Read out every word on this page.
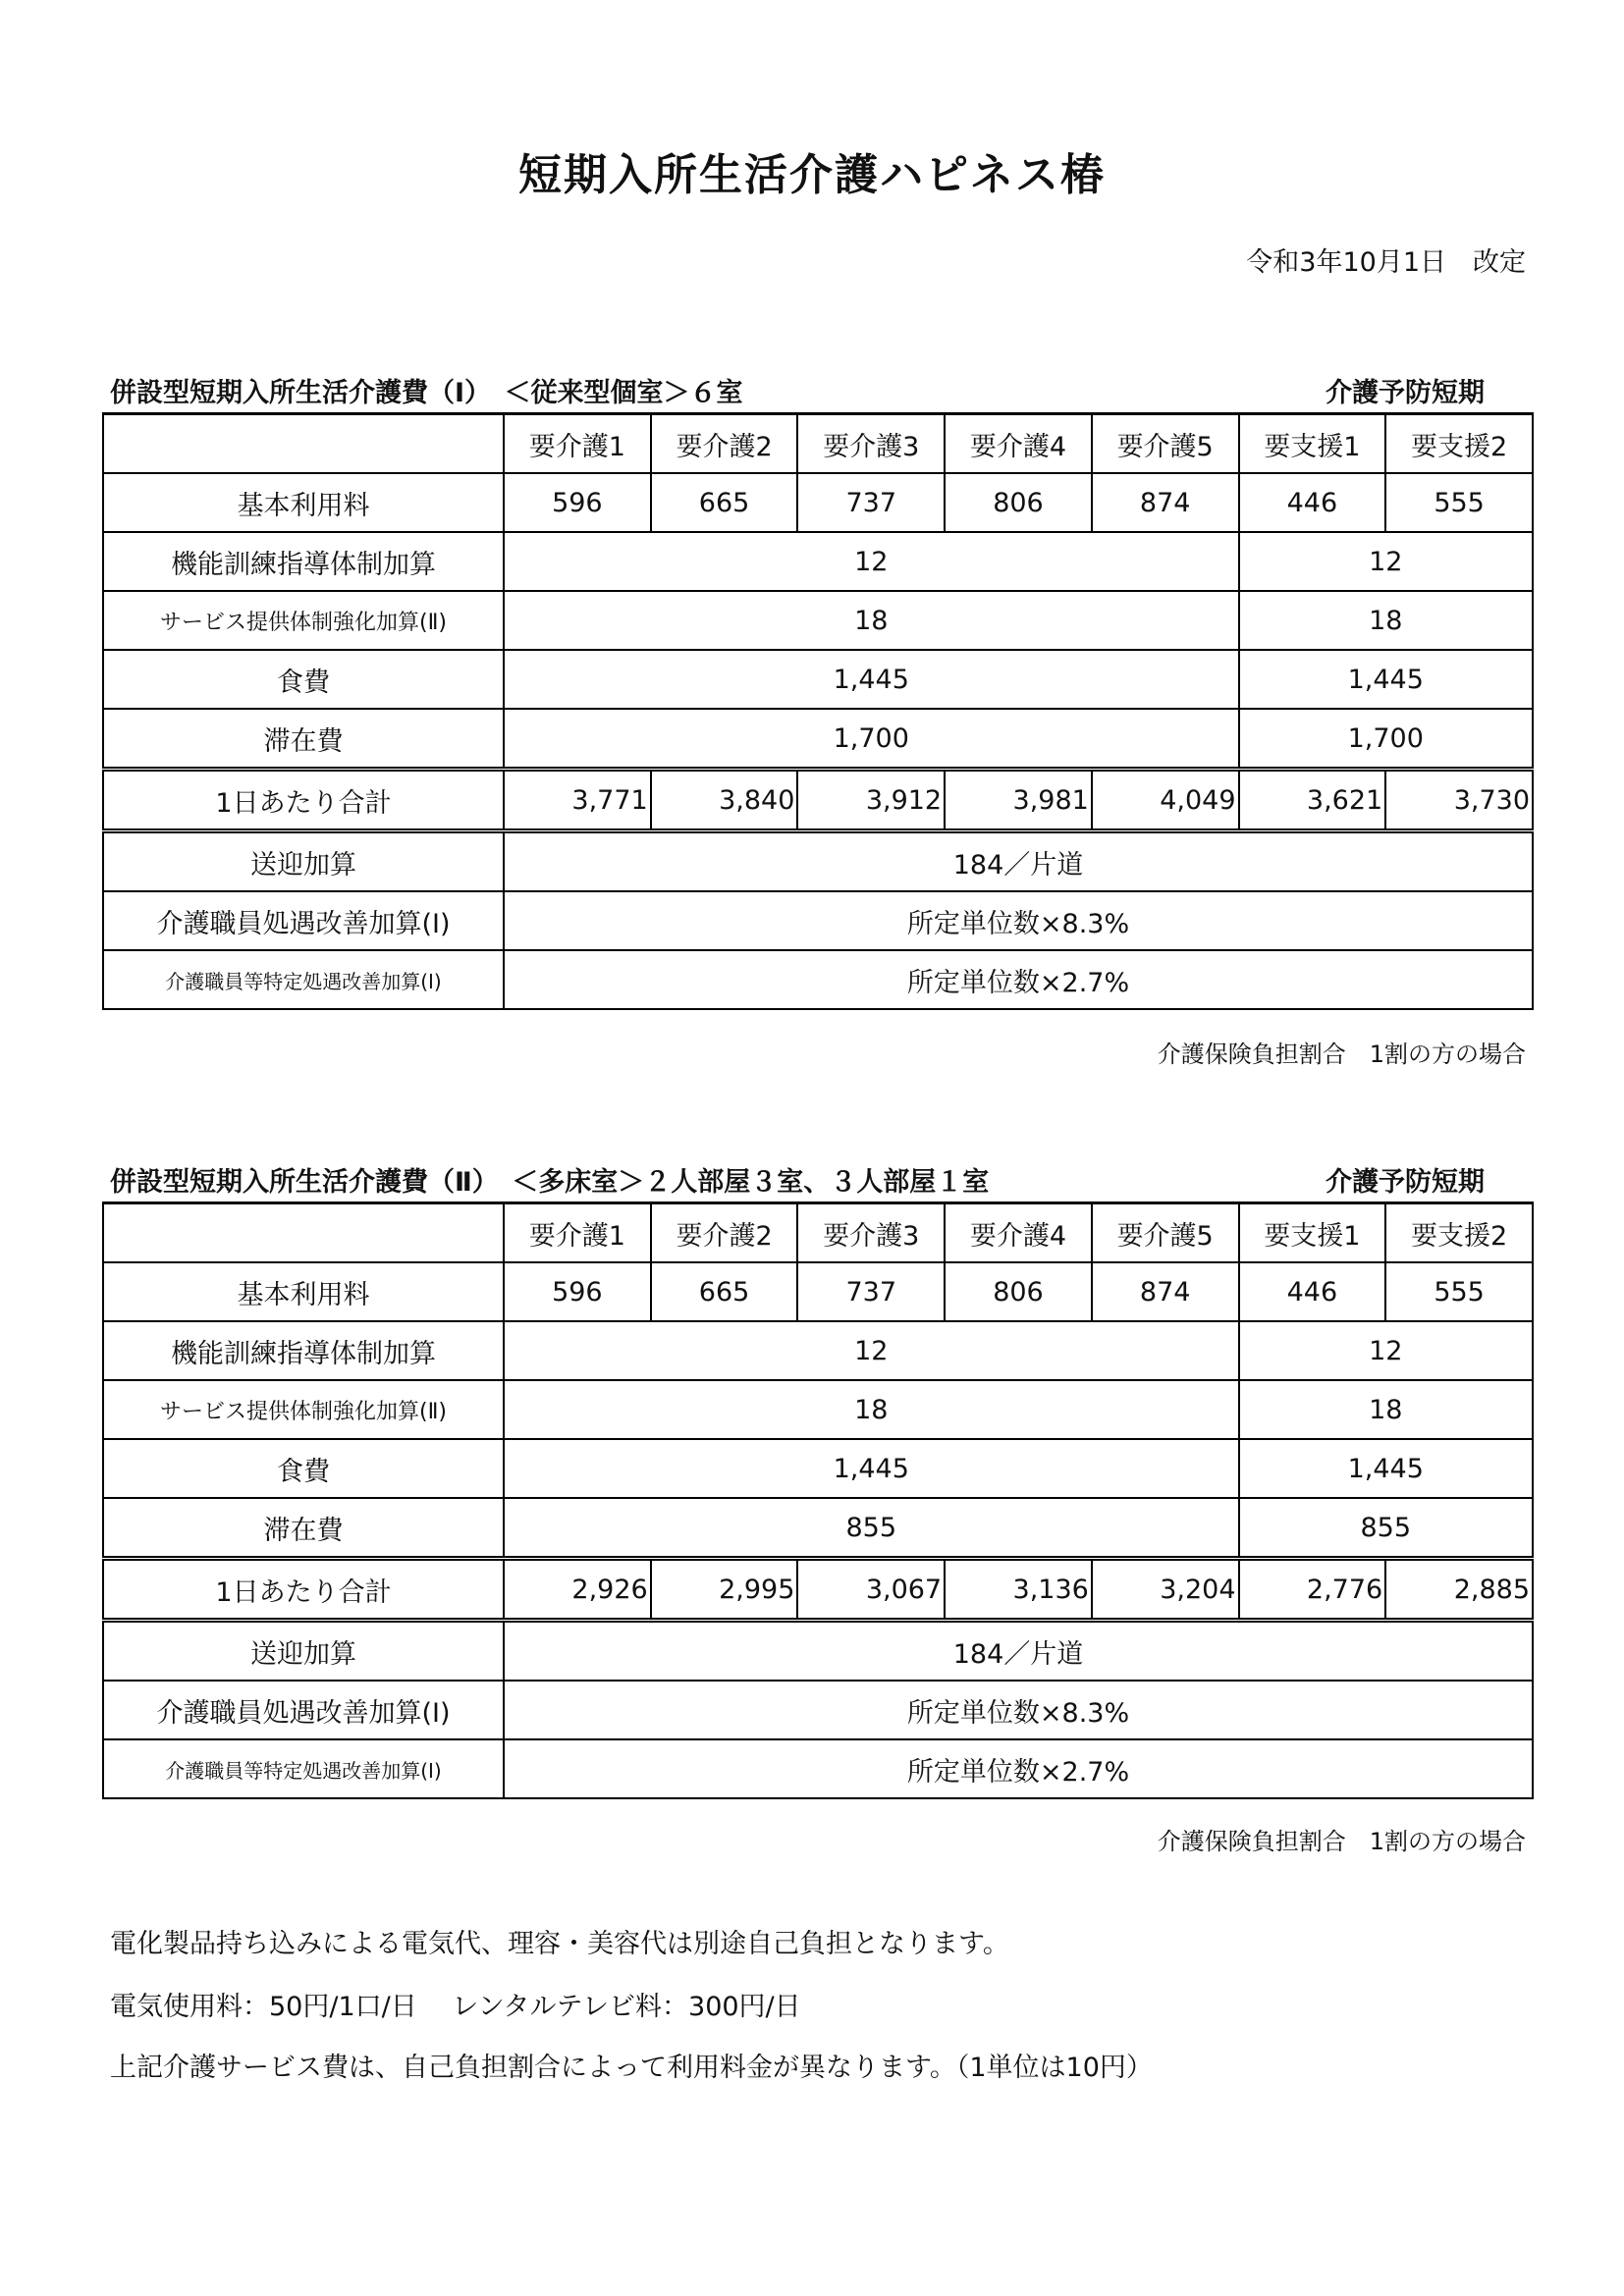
短期入所生活介護ハピネス椿
令和3年10月1日　改定
併設型短期入所生活介護費（Ⅰ）　＜従来型個室＞６室	介護予防短期
	要介護1	要介護2	要介護3	要介護4	要介護5	要支援1	要支援2
基本利用料	596	665	737	806	874	446	555
機能訓練指導体制加算	12					12	
サービス提供体制強化加算(Ⅱ)	18					18	
食費	1,445					1,445	
滞在費	1,700					1,700	
1日あたり合計	3,771	3,840	3,912	3,981	4,049	3,621	3,730
送迎加算	184／片道						
介護職員処遇改善加算(Ⅰ)	所定単位数×8.3%						
介護職員等特定処遇改善加算(Ⅰ)	所定単位数×2.7%						
介護保険負担割合　1割の方の場合
併設型短期入所生活介護費（Ⅱ）　＜多床室＞２人部屋３室、３人部屋１室	介護予防短期
	要介護1	要介護2	要介護3	要介護4	要介護5	要支援1	要支援2
基本利用料	596	665	737	806	874	446	555
機能訓練指導体制加算	12					12	
サービス提供体制強化加算(Ⅱ)	18					18	
食費	1,445					1,445	
滞在費	855					855	
1日あたり合計	2,926	2,995	3,067	3,136	3,204	2,776	2,885
送迎加算	184／片道						
介護職員処遇改善加算(Ⅰ)	所定単位数×8.3%						
介護職員等特定処遇改善加算(Ⅰ)	所定単位数×2.7%						
介護保険負担割合　1割の方の場合
電化製品持ち込みによる電気代、理容・美容代は別途自己負担となります。
電気使用料：50円/1口/日　 レンタルテレビ料：300円/日
上記介護サービス費は、自己負担割合によって利用料金が異なります。（1単位は10円）
